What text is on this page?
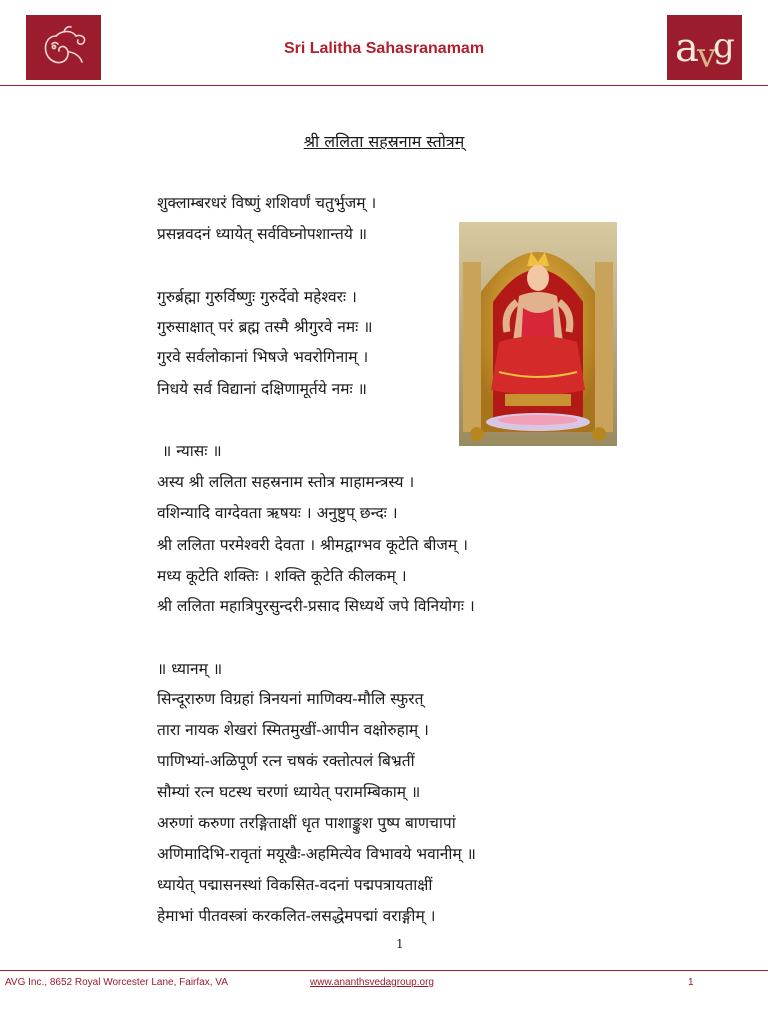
Sri Lalitha Sahasranamam	a
v
g
श्री ललिता सहस्रनाम स्तोत्रम्
शुक्लाम्बरधरं विष्णुं शशिवर्णं चतुर्भुजम् ।
प्रसन्नवदनं ध्यायेत् सर्वविघ्नोपशान्तये ॥
गुरुर्ब्रह्मा गुरुर्विष्णुः गुरुर्देवो महेश्वरः ।
गुरुसाक्षात् परं ब्रह्म तस्मै श्रीगुरवे नमः ॥
गुरवे सर्वलोकानां भिषजे भवरोगिनाम् ।
निधये सर्व विद्यानां दक्षिणामूर्तये नमः ॥
॥ न्यासः ॥
अस्य श्री ललिता सहस्रनाम स्तोत्र माहामन्त्रस्य ।
वशिन्यादि वाग्देवता ऋषयः । अनुष्टुप् छन्दः ।
श्री ललिता परमेश्वरी देवता । श्रीमद्वाग्भव कूटेति बीजम् ।
मध्य कूटेति शक्तिः । शक्ति कूटेति कीलकम् ।
श्री ललिता महात्रिपुरसुन्दरी-प्रसाद सिध्यर्थे जपे विनियोगः ।
॥ ध्यानम् ॥
सिन्दूरारुण विग्रहां त्रिनयनां माणिक्य-मौलि स्फुरत्
तारा नायक शेखरां स्मितमुखीं-आपीन वक्षोरुहाम् ।
पाणिभ्यां-अळिपूर्ण रत्न चषकं रक्तोत्पलं बिभ्रतीं
सौम्यां रत्न घटस्थ चरणां ध्यायेत् परामम्बिकाम् ॥
अरुणां करुणा तरङ्गिताक्षीं धृत पाशाङ्कुश पुष्प बाणचापां
अणिमादिभि-रावृतां मयूखैः-अहमित्येव विभावये भवानीम् ॥
ध्यायेत् पद्मासनस्थां विकसित-वदनां पद्मपत्रायताक्षीं
हेमाभां पीतवस्त्रां करकलित-लसद्धेमपद्मां वराङ्गीम् ।
1
AVG Inc., 8652 Royal Worcester Lane, Fairfax, VA	www.ananthsvedagroup.org	1
